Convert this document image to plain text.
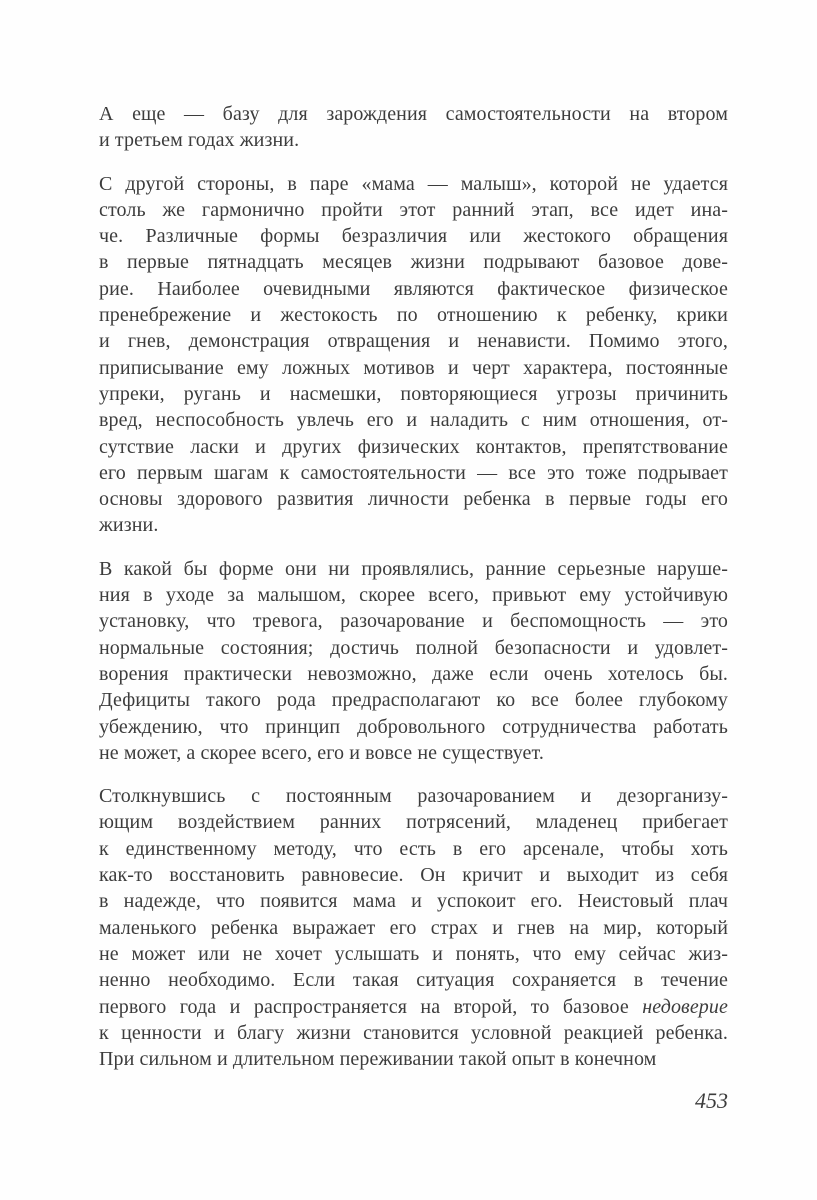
А еще — базу для зарождения самостоятельности на втором
и третьем годах жизни.
С другой стороны, в паре «мама — малыш», которой не удается
столь же гармонично пройти этот ранний этап, все идет ина-
че. Различные формы безразличия или жестокого обращения
в первые пятнадцать месяцев жизни подрывают базовое дове-
рие. Наиболее очевидными являются фактическое физическое
пренебрежение и жестокость по отношению к ребенку, крики
и гнев, демонстрация отвращения и ненависти. Помимо этого,
приписывание ему ложных мотивов и черт характера, постоянные
упреки, ругань и насмешки, повторяющиеся угрозы причинить
вред, неспособность увлечь его и наладить с ним отношения, от-
сутствие ласки и других физических контактов, препятствование
его первым шагам к самостоятельности — все это тоже подрывает
основы здорового развития личности ребенка в первые годы его
жизни.
В какой бы форме они ни проявлялись, ранние серьезные наруше-
ния в уходе за малышом, скорее всего, привьют ему устойчивую
установку, что тревога, разочарование и беспомощность — это
нормальные состояния; достичь полной безопасности и удовлет-
ворения практически невозможно, даже если очень хотелось бы.
Дефициты такого рода предрасполагают ко все более глубокому
убеждению, что принцип добровольного сотрудничества работать
не может, а скорее всего, его и вовсе не существует.
Столкнувшись с постоянным разочарованием и дезорганизу-
ющим воздействием ранних потрясений, младенец прибегает
к единственному методу, что есть в его арсенале, чтобы хоть
как-то восстановить равновесие. Он кричит и выходит из себя
в надежде, что появится мама и успокоит его. Неистовый плач
маленького ребенка выражает его страх и гнев на мир, который
не может или не хочет услышать и понять, что ему сейчас жиз-
ненно необходимо. Если такая ситуация сохраняется в течение
первого года и распространяется на второй, то базовое недоверие
к ценности и благу жизни становится условной реакцией ребенка.
При сильном и длительном переживании такой опыт в конечном
453
